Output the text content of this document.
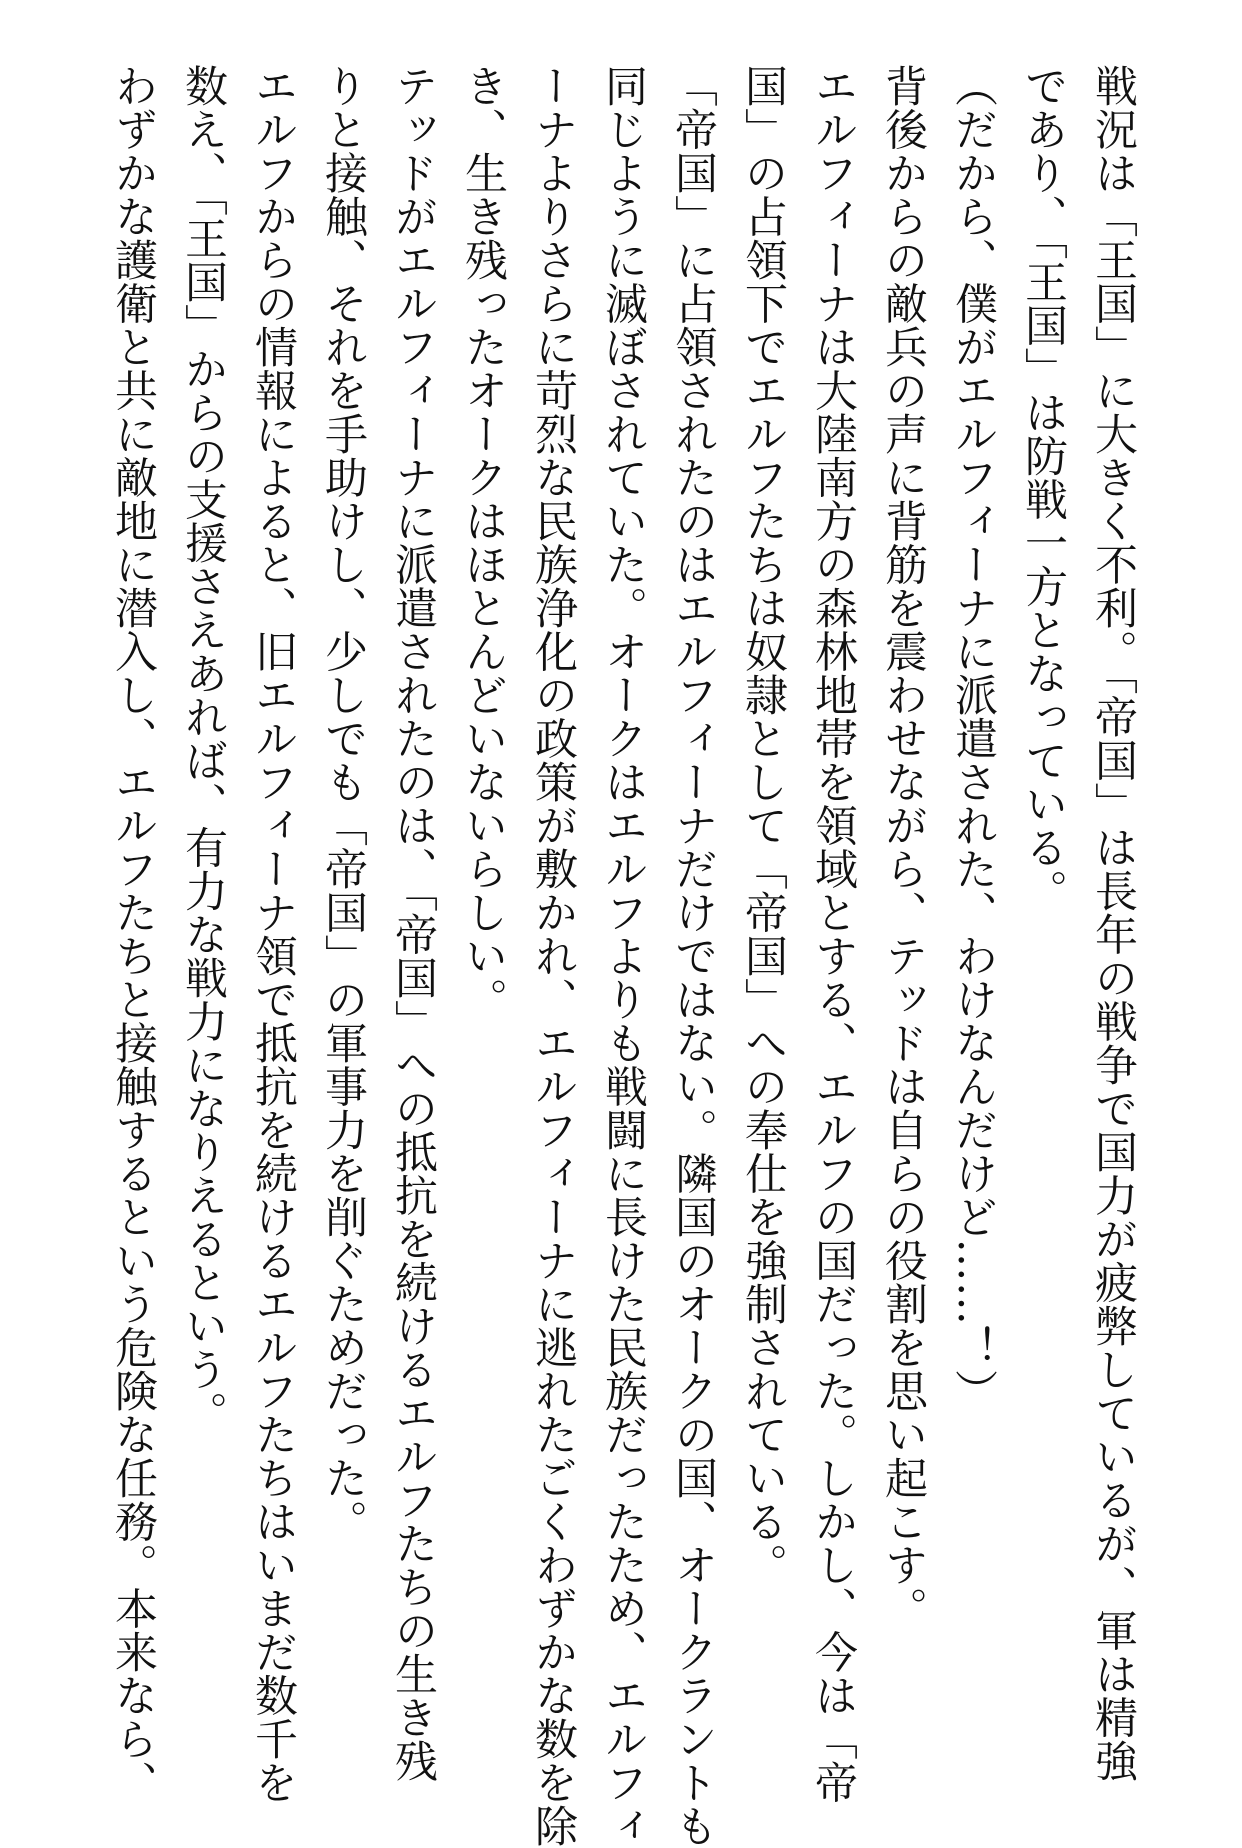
戦況は「王国」に大きく不利。「帝国」は長年の戦争で国力が疲弊しているが、軍は精強
であり、「王国」は防戦一方となっている。
（だから、僕がエルフィーナに派遣された、わけなんだけど……！）
背後からの敵兵の声に背筋を震わせながら、テッドは自らの役割を思い起こす。
エルフィーナは大陸南方の森林地帯を領域とする、エルフの国だった。しかし、今は「帝
国」の占領下でエルフたちは奴隷として「帝国」への奉仕を強制されている。
「帝国」に占領されたのはエルフィーナだけではない。隣国のオークの国、オークラントも
同じように滅ぼされていた。オークはエルフよりも戦闘に長けた民族だったため、エルフィ
ーナよりさらに苛烈な民族浄化の政策が敷かれ、エルフィーナに逃れたごくわずかな数を除
き、生き残ったオークはほとんどいないらしい。
テッドがエルフィーナに派遣されたのは、「帝国」への抵抗を続けるエルフたちの生き残
りと接触、それを手助けし、少しでも「帝国」の軍事力を削ぐためだった。
エルフからの情報によると、旧エルフィーナ領で抵抗を続けるエルフたちはいまだ数千を
数え、「王国」からの支援さえあれば、有力な戦力になりえるという。
わずかな護衛と共に敵地に潜入し、エルフたちと接触するという危険な任務。本来なら、
